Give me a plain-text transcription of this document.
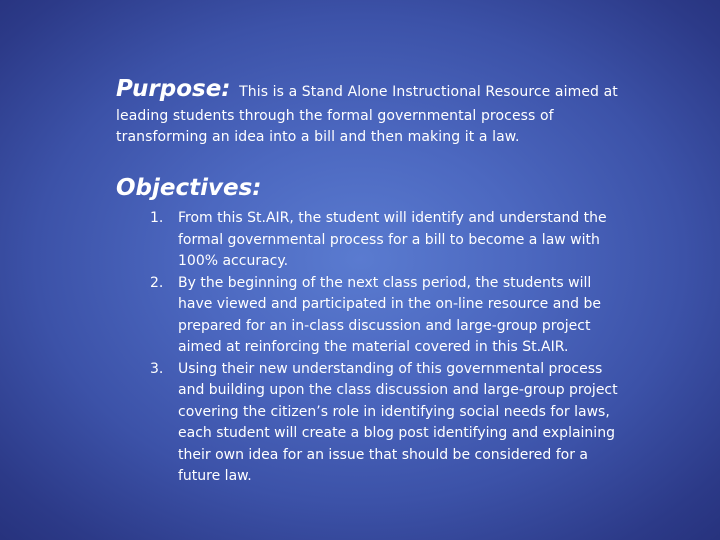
Purpose: This is a Stand Alone Instructional Resource aimed at
leading students through the formal governmental process of transforming an idea into a bill and then making it a law.
Objectives:
1. From this St.AIR, the student will identify and understand the formal governmental process for a bill to become a law with 100% accuracy.
2. By the beginning of the next class period, the students will have viewed and participated in the on-line resource and be prepared for an in-class discussion and large-group project aimed at reinforcing the material covered in this St.AIR.
3. Using their new understanding of this governmental process and building upon the class discussion and large-group project covering the citizen’s role in identifying social needs for laws, each student will create a blog post identifying and explaining their own idea for an issue that should be considered for a future law.
